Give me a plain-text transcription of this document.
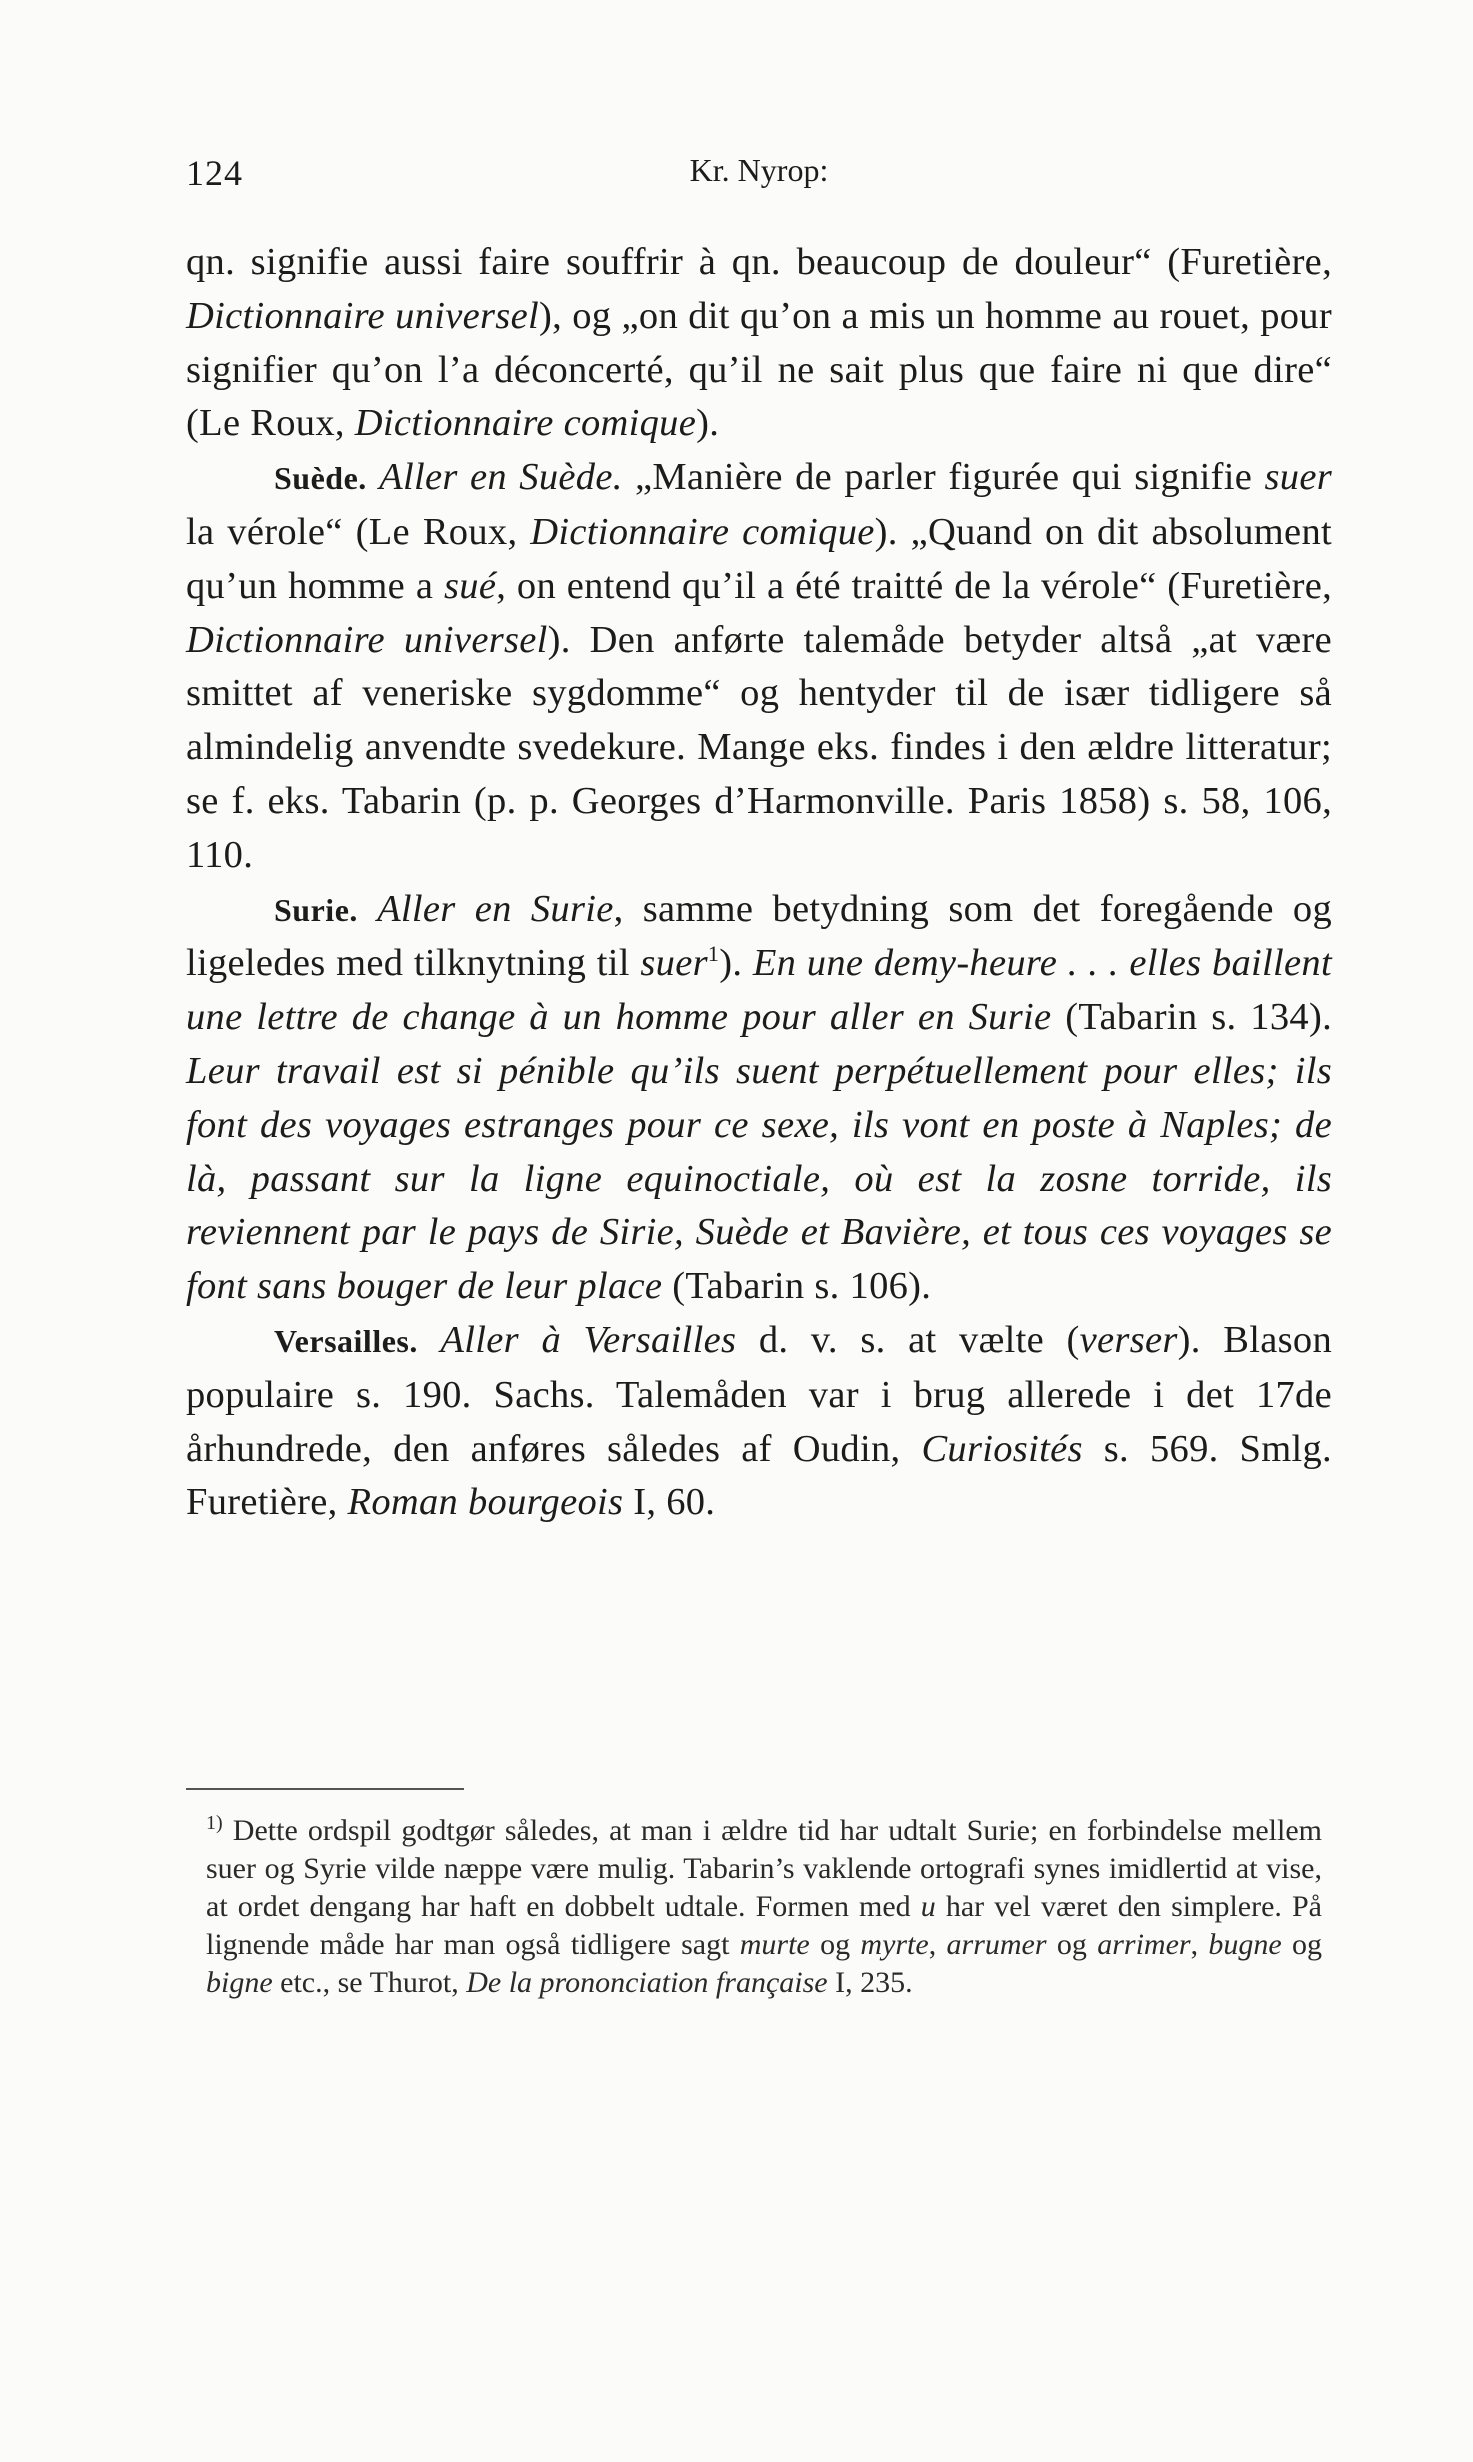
124	Kr. Nyrop:

qn. signifie aussi faire souffrir à qn. beaucoup de douleur“ (Furetière, Dictionnaire universel), og „on dit qu’on a mis un homme au rouet, pour signifier qu’on l’a déconcerté, qu’il ne sait plus que faire ni que dire“ (Le Roux, Dictionnaire comique).

Suède. Aller en Suède. „Manière de parler figurée qui signifie suer la vérole“ (Le Roux, Dictionnaire comique). „Quand on dit absolument qu’un homme a sué, on entend qu’il a été traitté de la vérole“ (Furetière, Dictionnaire universel). Den anførte talemåde betyder altså „at være smittet af veneriske sygdomme“ og hentyder til de især tidligere så almindelig anvendte svedekure. Mange eks. findes i den ældre litteratur; se f. eks. Tabarin (p. p. Georges d’Harmonville. Paris 1858) s. 58, 106, 110.

Surie. Aller en Surie, samme betydning som det foregående og ligeledes med tilknytning til suer$^1$). En une demy-heure . . . elles baillent une lettre de change à un homme pour aller en Surie (Tabarin s. 134). Leur travail est si pénible qu’ils suent perpétuellement pour elles; ils font des voyages estranges pour ce sexe, ils vont en poste à Naples; de là, passant sur la ligne equinoctiale, où est la zosne torride, ils reviennent par le pays de Sirie, Suède et Bavière, et tous ces voyages se font sans bouger de leur place (Tabarin s. 106).

Versailles. Aller à Versailles d. v. s. at vælte (verser). Blason populaire s. 190. Sachs. Talemåden var i brug allerede i det 17de århundrede, den anføres således af Oudin, Curiosités s. 569. Smlg. Furetière, Roman bourgeois I, 60.

$^{1)}$ Dette ordspil godtgør således, at man i ældre tid har udtalt Surie; en forbindelse mellem suer og Syrie vilde næppe være mulig. Tabarin’s vaklende ortografi synes imidlertid at vise, at ordet dengang har haft en dobbelt udtale. Formen med u har vel været den simplere. På lignende måde har man også tidligere sagt murte og myrte, arrumer og arrimer, bugne og bigne etc., se Thurot, De la prononciation française I, 235.
